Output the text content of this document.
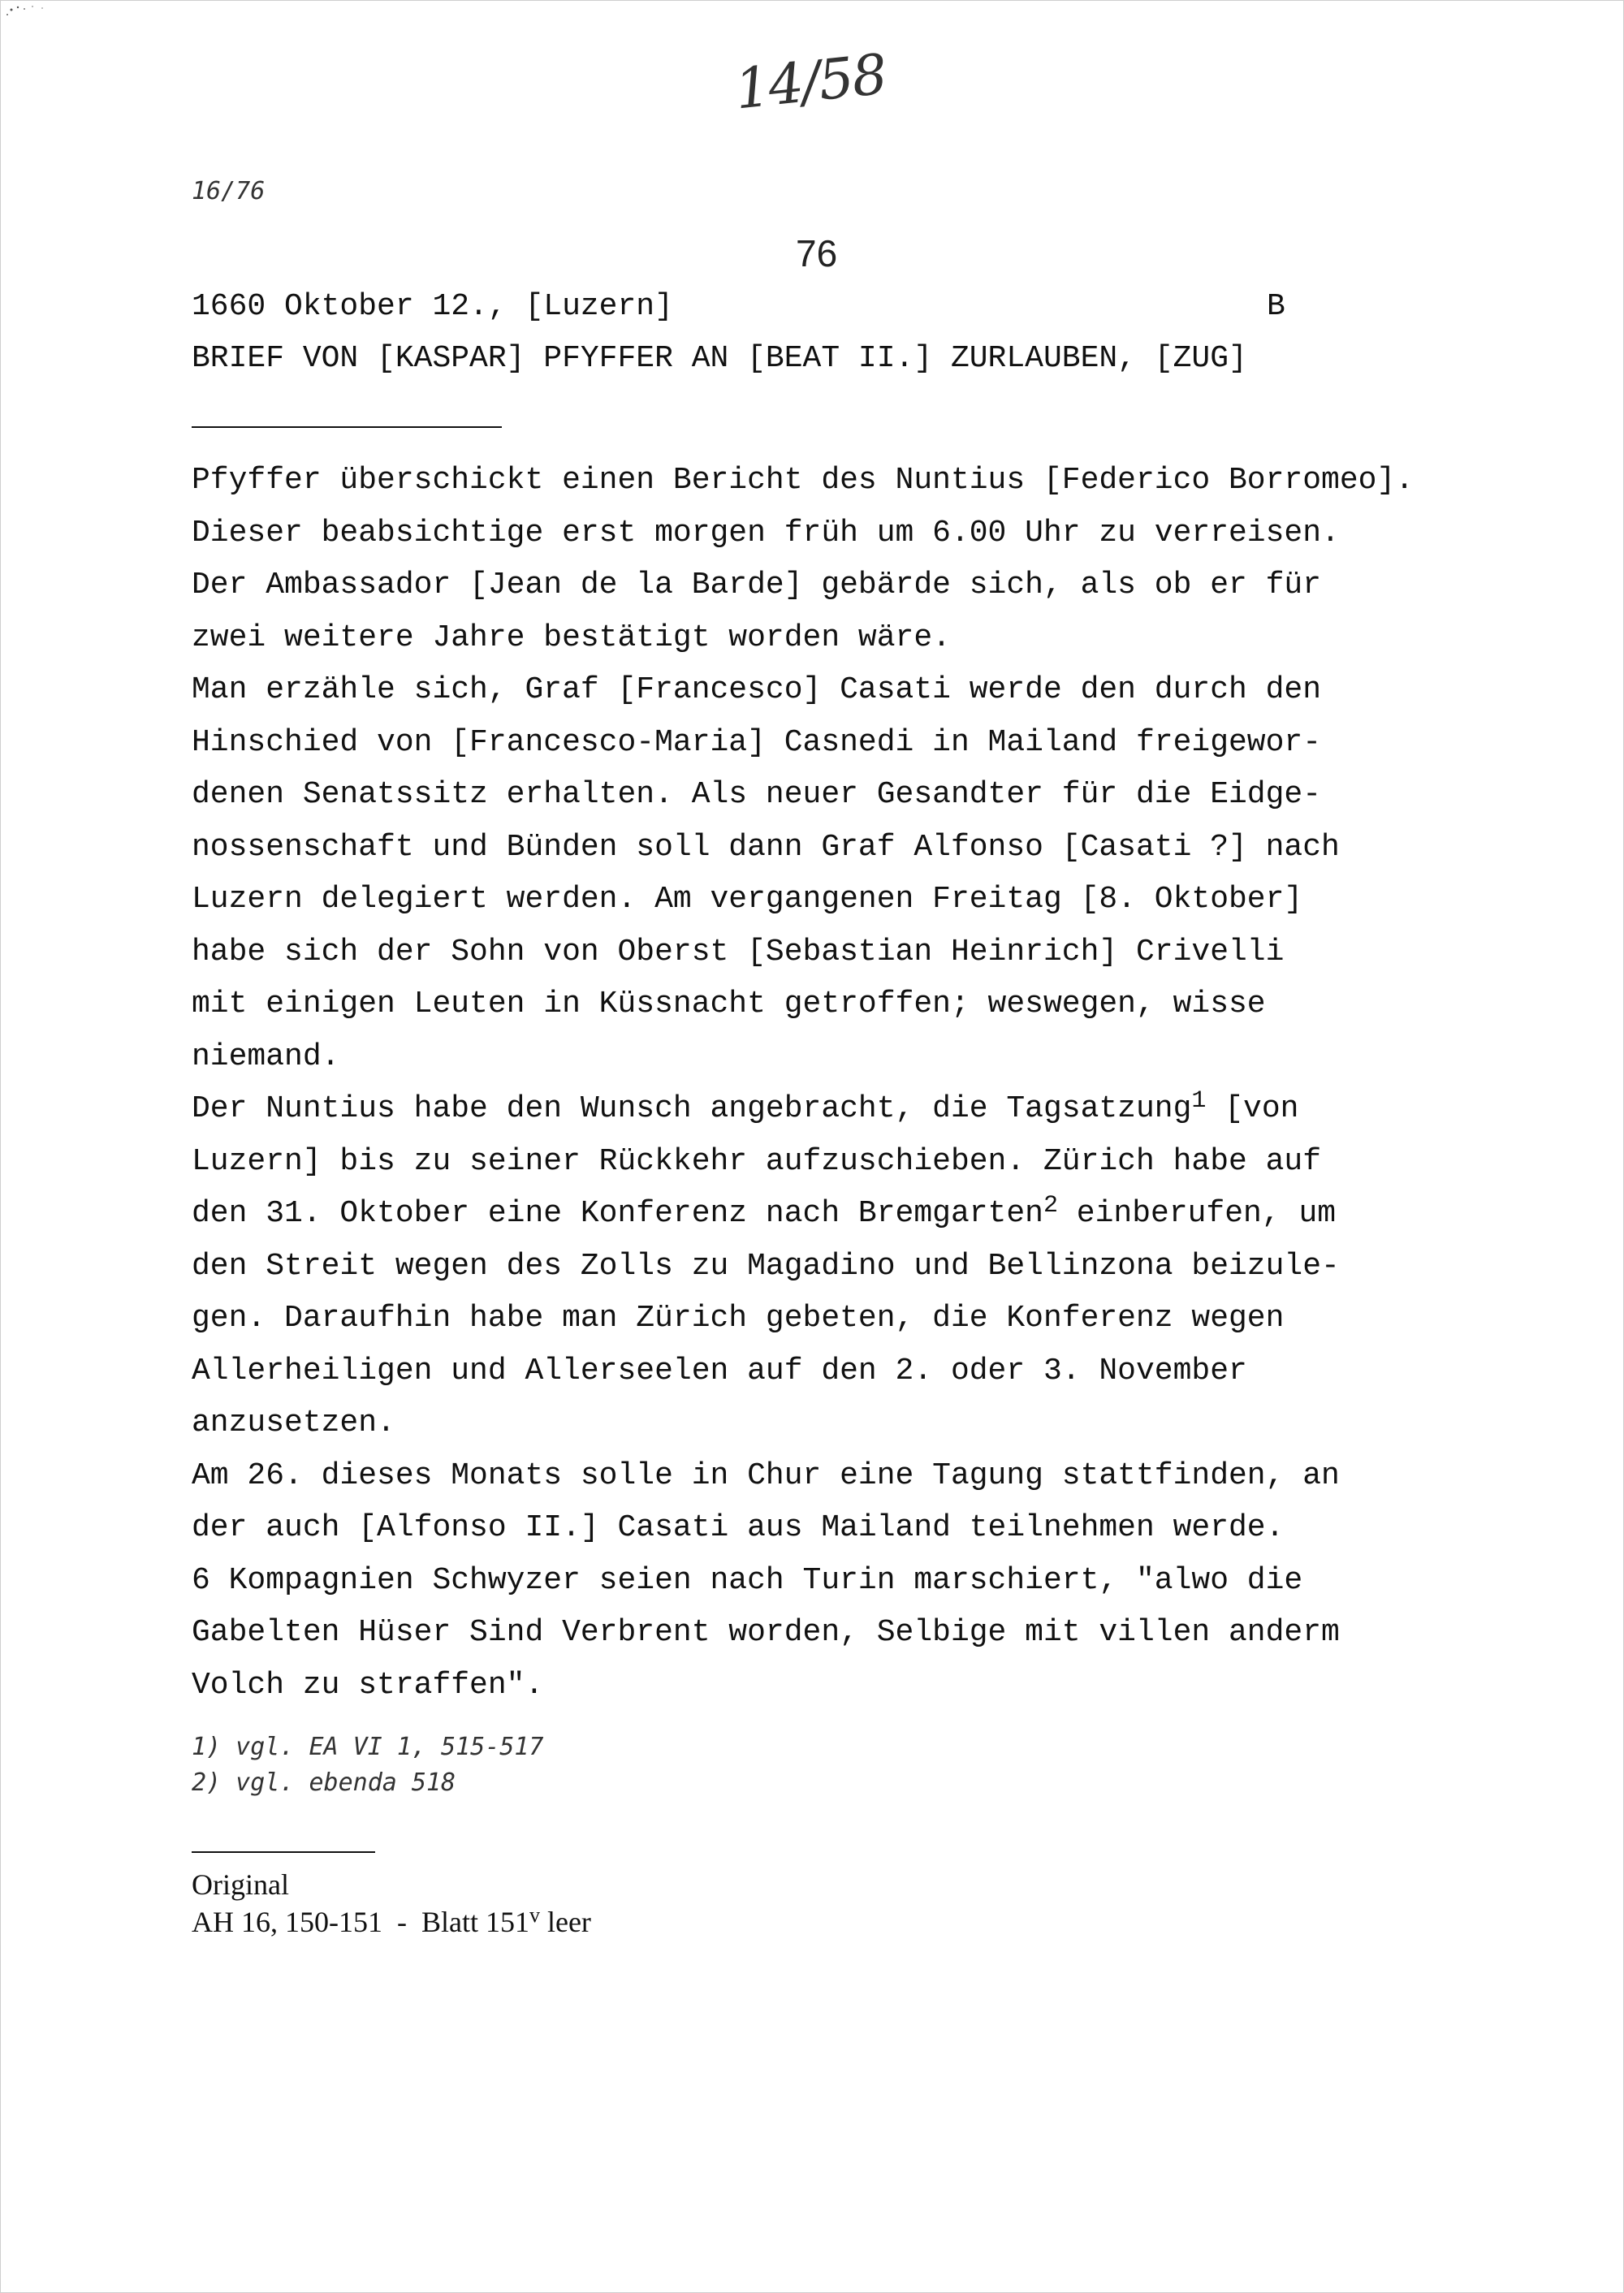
14/58
16/76
76
1660 Oktober 12., [Luzern]	B
BRIEF VON [KASPAR] PFYFFER AN [BEAT II.] ZURLAUBEN, [ZUG]
Pfyffer überschickt einen Bericht des Nuntius [Federico Borromeo].
Dieser beabsichtige erst morgen früh um 6.00 Uhr zu verreisen.
Der Ambassador [Jean de la Barde] gebärde sich, als ob er für
zwei weitere Jahre bestätigt worden wäre.
Man erzähle sich, Graf [Francesco] Casati werde den durch den
Hinschied von [Francesco-Maria] Casnedi in Mailand freigewor-
denen Senatssitz erhalten. Als neuer Gesandter für die Eidge-
nossenschaft und Bünden soll dann Graf Alfonso [Casati ?] nach
Luzern delegiert werden. Am vergangenen Freitag [8. Oktober]
habe sich der Sohn von Oberst [Sebastian Heinrich] Crivelli
mit einigen Leuten in Küssnacht getroffen; weswegen, wisse
niemand.
Der Nuntius habe den Wunsch angebracht, die Tagsatzung$^1$ [von
Luzern] bis zu seiner Rückkehr aufzuschieben. Zürich habe auf
den 31. Oktober eine Konferenz nach Bremgarten$^2$ einberufen, um
den Streit wegen des Zolls zu Magadino und Bellinzona beizule-
gen. Daraufhin habe man Zürich gebeten, die Konferenz wegen
Allerheiligen und Allerseelen auf den 2. oder 3. November
anzusetzen.
Am 26. dieses Monats solle in Chur eine Tagung stattfinden, an
der auch [Alfonso II.] Casati aus Mailand teilnehmen werde.
6 Kompagnien Schwyzer seien nach Turin marschiert, "alwo die
Gabelten Hüser Sind Verbrent worden, Selbige mit villen anderm
Volch zu straffen".
1) vgl. EA VI 1, 515-517
2) vgl. ebenda 518
Original
AH 16, 150-151  -  Blatt 151$^v$ leer
